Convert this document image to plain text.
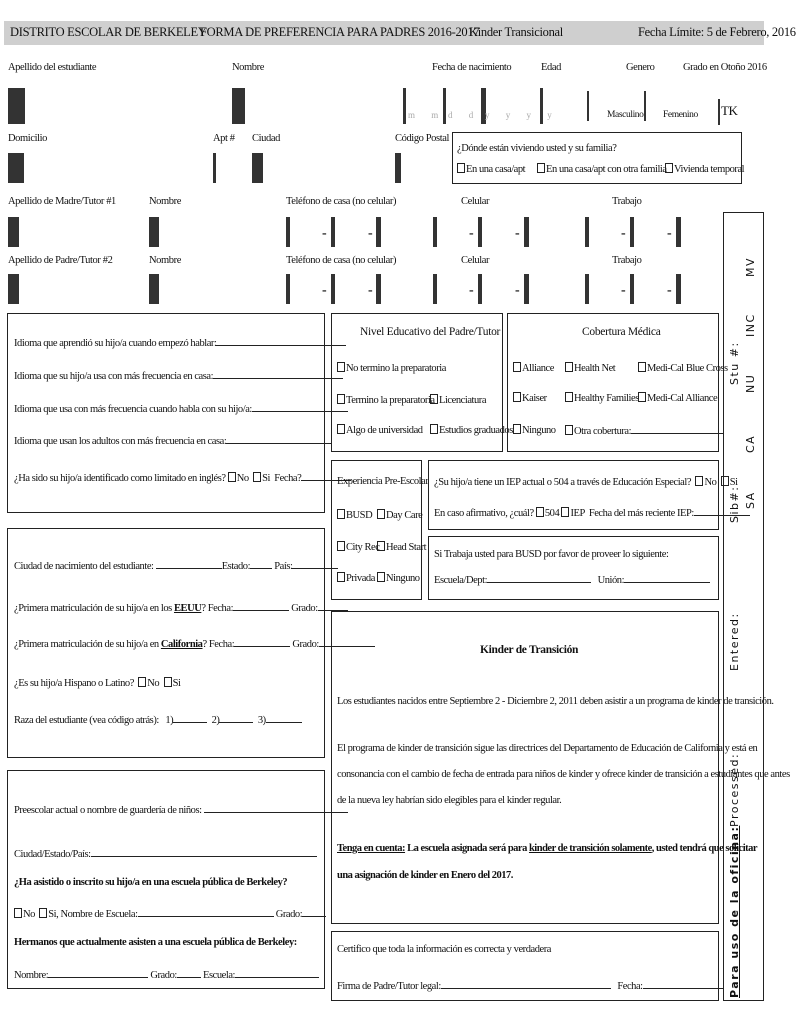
DISTRITO ESCOLAR DE BERKELEY
FORMA DE PREFERENCIA PARA PADRES 2016-2017
Kinder Transicional	Fecha Límite: 5 de Febrero, 2016
Apellido del estudiante	Nombre	Fecha de nacimiento	Edad	Genero	Grado en Otoño 2016
m m d d y y y y	Masculino Femenino TK
Domicilio	Apt # Ciudad	Código Postal
¿Dónde están viviendo usted y su familia?
En una casa/apt	En una casa/apt con otra familia Vivienda temporal
Apellido de Madre/Tutor #1	Nombre	Teléfono de casa (no celular)	Celular	Trabajo
-	-	-	-	-	-
Apellido de Padre/Tutor #2	Nombre	Teléfono de casa (no celular)	Celular	Trabajo
-	-	-	-	-	-
Idioma que aprendió su hijo/a cuando empezó hablar:
Idioma que su hijo/a usa con más frecuencia en casa:
Idioma que usa con más frecuencia cuando habla con su hijo/a:
Idioma que usan los adultos con más frecuencia en casa:
¿Ha sido su hijo/a identificado como limitado en inglés? No Si Fecha?
Nivel Educativo del Padre/Tutor
No termino la preparatoria
Termino la preparatoria Licenciatura
Algo de universidad	Estudios graduados
Cobertura Médica
Alliance	Health Net	Medi-Cal Blue Cross
Kaiser	Healthy Families Medi-Cal Alliance
Ninguno	Otra cobertura:
Experiencia Pre-Escolar
BUSD	Day Care
City Rec Head Start
Privada	Ninguno
¿Su hijo/a tiene un IEP actual o 504 a través de Educación Especial? No Si
En caso afirmativo, ¿cuál? 504 IEP Fecha del más reciente IEP:
Si Trabaja usted para BUSD por favor de proveer lo siguiente:
Escuela/Dept:	Unión:
Ciudad de nacimiento del estudiante:	Estado: País:
¿Primera matriculación de su hijo/a en los EEUU? Fecha:	Grado:
¿Primera matriculación de su hijo/a en California? Fecha:	Grado:
¿Es su hijo/a Hispano o Latino? No Si
Raza del estudiante (vea código atrás): 1)	2)	3)
Kinder de Transición
Los estudiantes nacidos entre Septiembre 2 - Diciembre 2, 2011 deben asistir a un programa de kinder de transición.
El programa de kinder de transición sigue las directrices del Departamento de Educación de California y está en
consonancia con el cambio de fecha de entrada para niños de kinder y ofrece kinder de transición a estudiantes que antes
de la nueva ley habrían sido elegibles para el kinder regular.
Tenga en cuenta: La escuela asignada será para kinder de transición solamente, usted tendrá que solicitar
una asignación de kinder en Enero del 2017.
Preescolar actual o nombre de guardería de niños:
Ciudad/Estado/País:
¿Ha asistido o inscrito su hijo/a en una escuela pública de Berkeley?
No Si, Nombre de Escuela:	Grado:
Hermanos que actualmente asisten a una escuela pública de Berkeley:
Nombre:	Grado: Escuela:
Certifico que toda la información es correcta y verdadera
Firma de Padre/Tutor legal:	Fecha:	Para uso de la oficina:
Processed:
Entered:
Sib#: SA
CA
Stu #: NU
INC
MV
